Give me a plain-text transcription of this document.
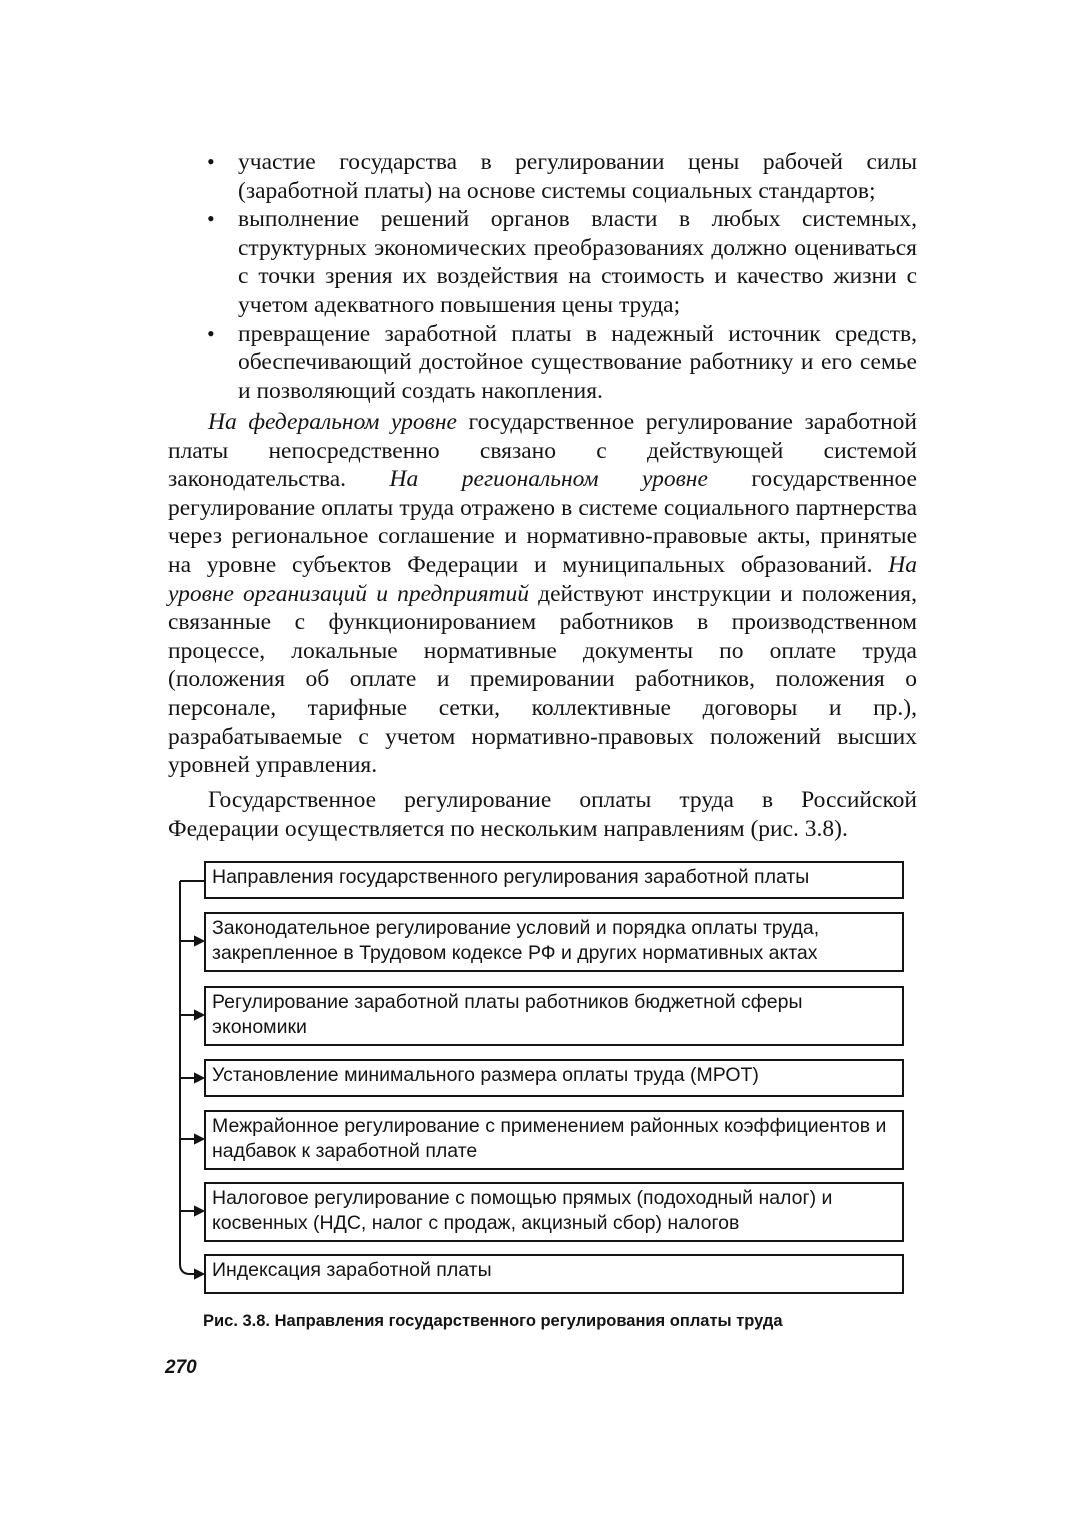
• участие государства в регулировании цены рабочей силы (заработной платы) на основе системы социальных стандартов;
• выполнение решений органов власти в любых системных, структурных экономических преобразованиях должно оцениваться с точки зрения их воздействия на стоимость и качество жизни с учетом адекватного повышения цены труда;
• превращение заработной платы в надежный источник средств, обеспечивающий достойное существование работнику и его семье и позволяющий создать накопления.

На федеральном уровне государственное регулирование заработной платы непосредственно связано с действующей системой законодательства. На региональном уровне государственное регулирование оплаты труда отражено в системе социального партнерства через региональное соглашение и нормативно-правовые акты, принятые на уровне субъектов Федерации и муниципальных образований. На уровне организаций и предприятий действуют инструкции и положения, связанные с функционированием работников в производственном процессе, локальные нормативные документы по оплате труда (положения об оплате и премировании работников, положения о персонале, тарифные сетки, коллективные договоры и пр.), разрабатываемые с учетом нормативно-правовых положений высших уровней управления.

Государственное регулирование оплаты труда в Российской Федерации осуществляется по нескольким направлениям (рис. 3.8).

Направления государственного регулирования заработной платы
Законодательное регулирование условий и порядка оплаты труда, закрепленное в Трудовом кодексе РФ и других нормативных актах
Регулирование заработной платы работников бюджетной сферы экономики
Установление минимального размера оплаты труда (МРОТ)
Межрайонное регулирование с применением районных коэффициентов и надбавок к заработной плате
Налоговое регулирование с помощью прямых (подоходный налог) и косвенных (НДС, налог с продаж, акцизный сбор) налогов
Индексация заработной платы

Рис. 3.8. Направления государственного регулирования оплаты труда

270
